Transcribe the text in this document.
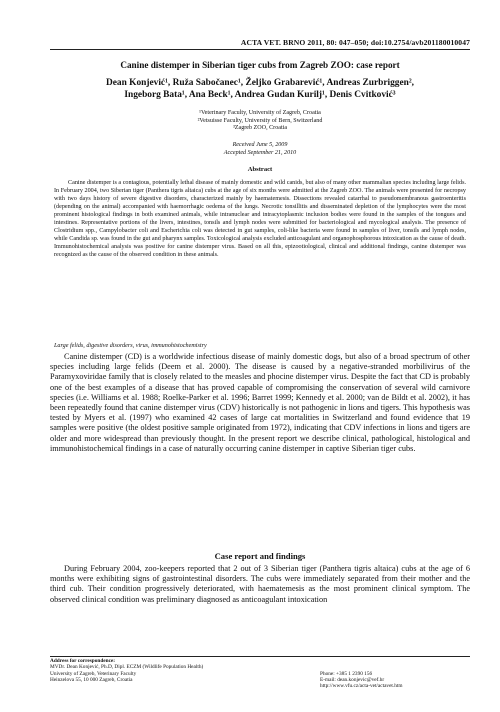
ACTA VET. BRNO 2011, 80: 047–050; doi:10.2754/avb201180010047
Canine distemper in Siberian tiger cubs from Zagreb ZOO: case report
Dean Konjević¹, Ruža Sabočanec¹, Željko Grabarević¹, Andreas Zurbriggen²,
Ingeborg Bata¹, Ana Beck¹, Andrea Gudan Kurilj¹, Denis Cvitković³
¹Veterinary Faculty, University of Zagreb, Croatia
²Vetsuisse Faculty, University of Bern, Switzerland
³Zagreb ZOO, Croatia
Received June 5, 2009
Accepted September 21, 2010
Abstract
Canine distemper is a contagious, potentially lethal disease of mainly domestic and wild canids, but also of many other mammalian species including large felids. In February 2004, two Siberian tiger (Panthera tigris altaica) cubs at the age of six months were admitted at the Zagreb ZOO. The animals were presented for necropsy with two days history of severe digestive disorders, characterized mainly by haematemesis. Dissections revealed catarrhal to pseudomembranous gastroenteritis (depending on the animal) accompanied with haemorrhagic oedema of the lungs. Necrotic tonsillitis and disseminated depletion of the lymphocytes were the most prominent histological findings in both examined animals, while intranuclear and intracytoplasmic inclusion bodies were found in the samples of the tongues and intestines. Representative portions of the livers, intestines, tonsils and lymph nodes were submitted for bacteriological and mycological analysis. The presence of Clostridium spp., Campylobacter coli and Escherichia coli was detected in gut samples, coli-like bacteria were found in samples of liver, tonsils and lymph nodes, while Candida sp. was found in the gut and pharynx samples. Toxicological analysis excluded anticoagulant and organophosphorous intoxication as the cause of death. Immunohistochemical analysis was positive for canine distemper virus. Based on all this, epizootiological, clinical and additional findings, canine distemper was recognized as the cause of the observed condition in these animals.
Large felids, digestive disorders, virus, immunohistochemistry
Canine distemper (CD) is a worldwide infectious disease of mainly domestic dogs, but also of a broad spectrum of other species including large felids (Deem et al. 2000). The disease is caused by a negative-stranded morbilivirus of the Paramyxoviridae family that is closely related to the measles and phocine distemper virus. Despite the fact that CD is probably one of the best examples of a disease that has proved capable of compromising the conservation of several wild carnivore species (i.e. Williams et al. 1988; Roelke-Parker et al. 1996; Barret 1999; Kennedy et al. 2000; van de Bildt et al. 2002), it has been repeatedly found that canine distemper virus (CDV) historically is not pathogenic in lions and tigers. This hypothesis was tested by Myers et al. (1997) who examined 42 cases of large cat mortalities in Switzerland and found evidence that 19 samples were positive (the oldest positive sample originated from 1972), indicating that CDV infections in lions and tigers are older and more widespread than previously thought. In the present report we describe clinical, pathological, histological and immunohistochemical findings in a case of naturally occurring canine distemper in captive Siberian tiger cubs.
Case report and findings
During February 2004, zoo-keepers reported that 2 out of 3 Siberian tiger (Panthera tigris altaica) cubs at the age of 6 months were exhibiting signs of gastrointestinal disorders. The cubs were immediately separated from their mother and the third cub. Their condition progressively deteriorated, with haematemesis as the most prominent clinical symptom. The observed clinical condition was preliminary diagnosed as anticoagulant intoxication
Address for correspondence:
MVDr. Dean Konjević, Ph.D, Dipl. ECZM (Wildlife Population Health)
University of Zagreb, Veterinary Faculty	Phone: +385 1 2390 156
Heinzelova 55, 10 000 Zagreb, Croatia	E-mail: dean.konjevic@vef.hr
http://www.vfu.cz/acta-vet/actavet.htm
